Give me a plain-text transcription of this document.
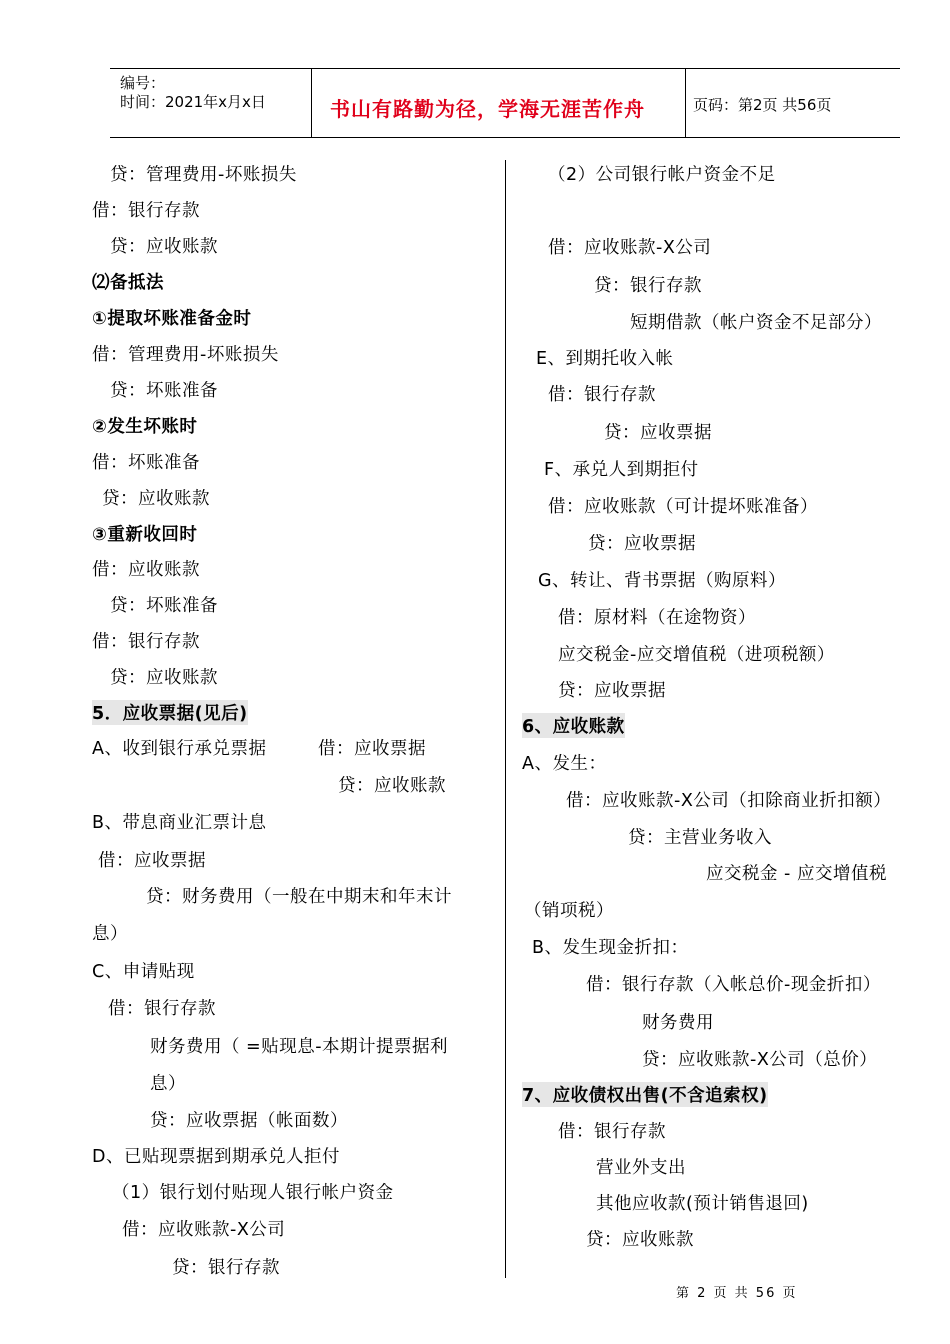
编号：
时间：2021年x月x日	书山有路勤为径，学海无涯苦作舟	页码：第2页 共56页
贷：管理费用-坏账损失
借：银行存款
贷：应收账款
⑵备抵法
①提取坏账准备金时
借：管理费用-坏账损失
贷：坏账准备
②发生坏账时
借：坏账准备
贷：应收账款
③重新收回时
借：应收账款
贷：坏账准备
借：银行存款
贷：应收账款
5．应收票据(见后)
A、收到银行承兑票据	借：应收票据
贷：应收账款
B、带息商业汇票计息
借：应收票据
贷：财务费用（一般在中期末和年末计
息）
C、申请贴现
借：银行存款
财务费用（ =贴现息-本期计提票据利
息）
贷：应收票据（帐面数）
D、已贴现票据到期承兑人拒付
（1）银行划付贴现人银行帐户资金
借：应收账款-X公司
贷：银行存款
（2）公司银行帐户资金不足
借：应收账款-X公司
贷：银行存款
短期借款（帐户资金不足部分）
E、到期托收入帐
借：银行存款
贷：应收票据
F、承兑人到期拒付
借：应收账款（可计提坏账准备）
贷：应收票据
G、转让、背书票据（购原料）
借：原材料（在途物资）
应交税金-应交增值税（进项税额）
贷：应收票据
6、应收账款
A、发生：
借：应收账款-X公司（扣除商业折扣额）
贷：主营业务收入
应交税金 - 应交增值税
（销项税）
B、发生现金折扣：
借：银行存款（入帐总价-现金折扣）
财务费用
贷：应收账款-X公司（总价）
7、应收债权出售(不含追索权)
借：银行存款
营业外支出
其他应收款(预计销售退回)
贷：应收账款
第 2 页 共 56 页
